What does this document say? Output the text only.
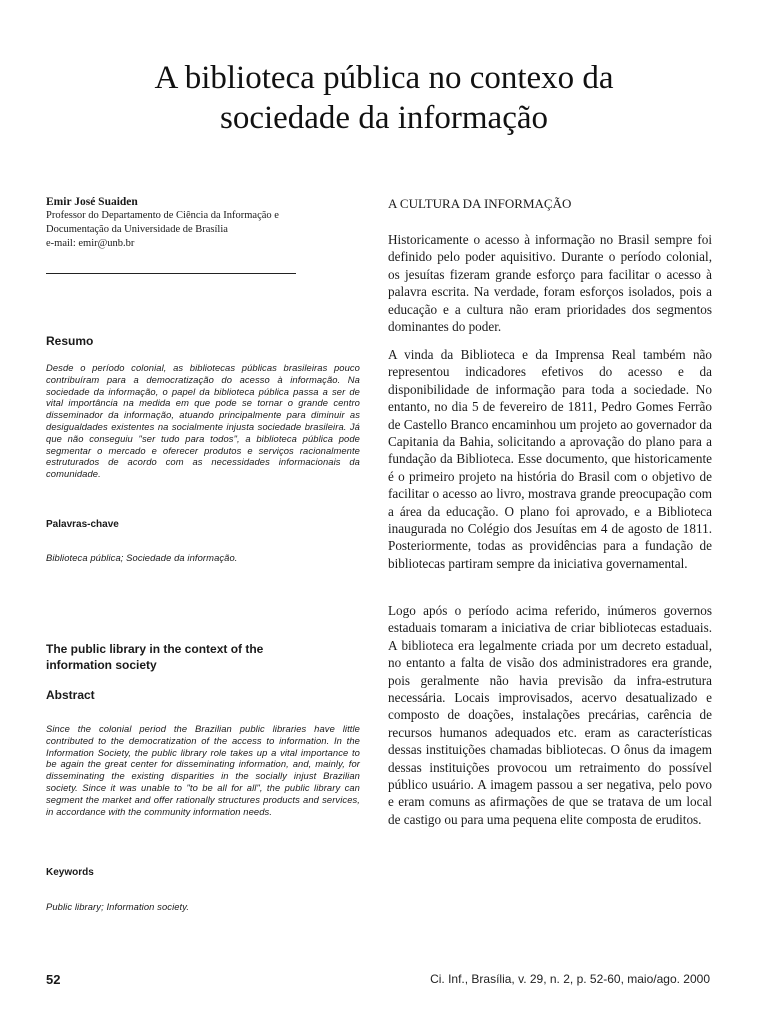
A biblioteca pública no contexo da
sociedade da informação
Emir José Suaiden
Professor do Departamento de Ciência da Informação e
Documentação da Universidade de Brasília
e-mail: emir@unb.br
Resumo
Desde o período colonial, as bibliotecas públicas brasileiras pouco contribuíram para a democratização do acesso à informação. Na sociedade da informação, o papel da biblioteca pública passa a ser de vital importância na medida em que pode se tornar o grande centro disseminador da informação, atuando principalmente para diminuir as desigualdades existentes na socialmente injusta sociedade brasileira. Já que não conseguiu "ser tudo para todos", a biblioteca pública pode segmentar o mercado e oferecer produtos e serviços racionalmente estruturados de acordo com as necessidades informacionais da comunidade.
Palavras-chave
Biblioteca pública; Sociedade da informação.
The public library in the context of the
information society
Abstract
Since the colonial period the Brazilian public libraries have little contributed to the democratization of the access to information. In the Information Society, the public library role takes up a vital importance to be again the great center for disseminating information, and, mainly, for disseminating the existing disparities in the socially injust Brazilian society. Since it was unable to "to be all for all", the public library can segment the market and offer rationally structures products and services, in accordance with the community information needs.
Keywords
Public library; Information society.
A CULTURA DA INFORMAÇÃO
Historicamente o acesso à informação no Brasil sempre foi definido pelo poder aquisitivo. Durante o período colonial, os jesuítas fizeram grande esforço para facilitar o acesso à palavra escrita. Na verdade, foram esforços isolados, pois a educação e a cultura não eram prioridades dos segmentos dominantes do poder.
A vinda da Biblioteca e da Imprensa Real também não representou indicadores efetivos do acesso e da disponibilidade de informação para toda a sociedade. No entanto, no dia 5 de fevereiro de 1811, Pedro Gomes Ferrão de Castello Branco encaminhou um projeto ao governador da Capitania da Bahia, solicitando a aprovação do plano para a fundação da Biblioteca. Esse documento, que historicamente é o primeiro projeto na história do Brasil com o objetivo de facilitar o acesso ao livro, mostrava grande preocupação com a área da educação. O plano foi aprovado, e a Biblioteca inaugurada no Colégio dos Jesuítas em 4 de agosto de 1811. Posteriormente, todas as providências para a fundação de bibliotecas partiram sempre da iniciativa governamental.
Logo após o período acima referido, inúmeros governos estaduais tomaram a iniciativa de criar bibliotecas estaduais. A biblioteca era legalmente criada por um decreto estadual, no entanto a falta de visão dos administradores era grande, pois geralmente não havia previsão da infra-estrutura necessária. Locais improvisados, acervo desatualizado e composto de doações, instalações precárias, carência de recursos humanos adequados etc. eram as características dessas instituições chamadas bibliotecas. O ônus da imagem dessas instituições provocou um retraimento do possível público usuário. A imagem passou a ser negativa, pelo povo e eram comuns as afirmações de que se tratava de um local de castigo ou para uma pequena elite composta de eruditos.
52	Ci. Inf., Brasília, v. 29, n. 2, p. 52-60, maio/ago. 2000
